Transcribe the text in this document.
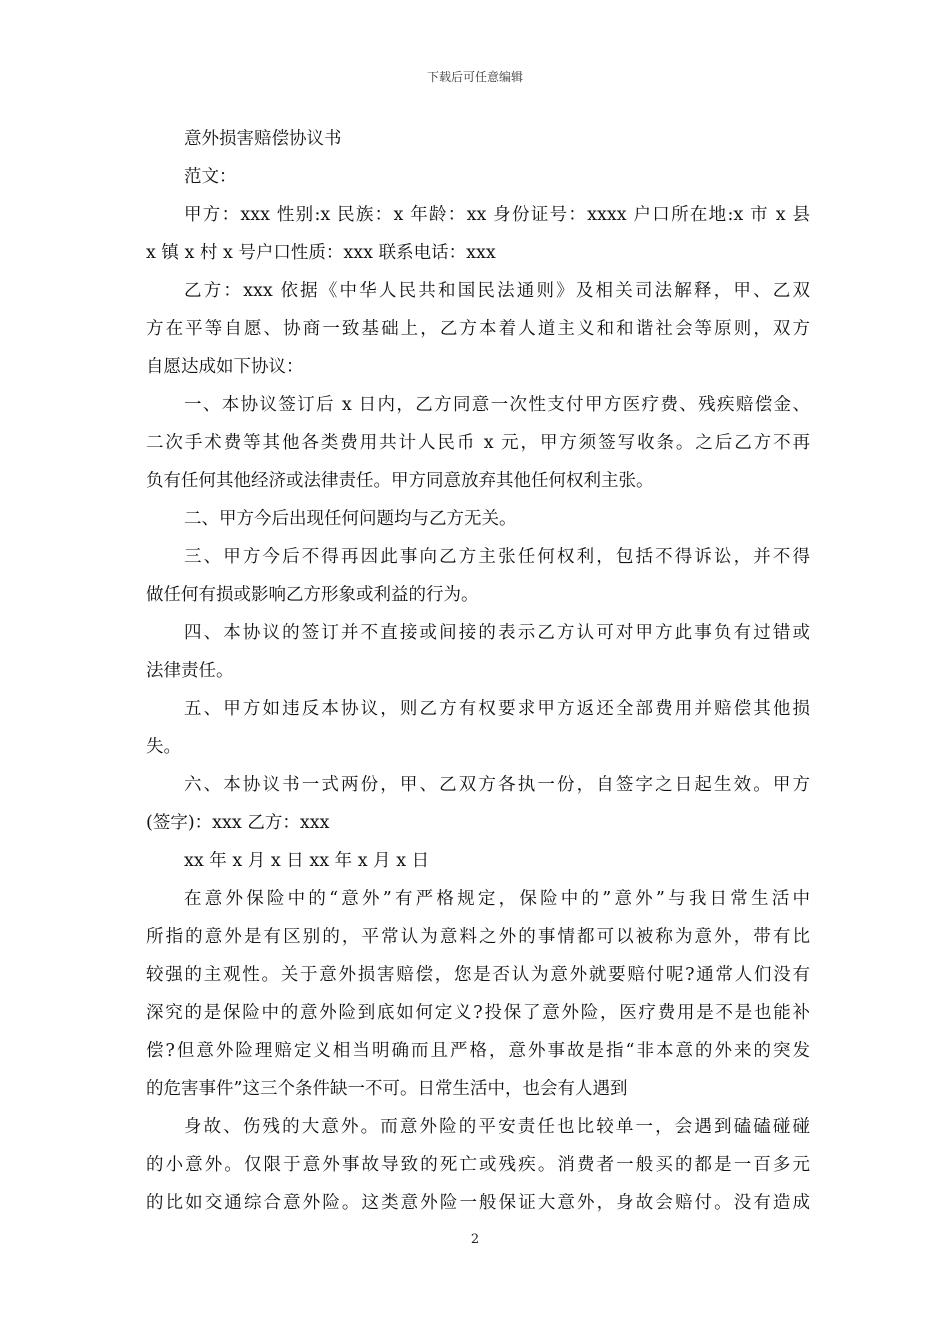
下载后可任意编辑
意外损害赔偿协议书
范文：
甲方：xxx 性别:x 民族：x 年龄：xx 身份证号：xxxx 户口所在地:x 市 x 县
x 镇 x 村 x 号户口性质：xxx 联系电话：xxx
乙方：xxx 依据《中华人民共和国民法通则》及相关司法解释，甲、乙双
方在平等自愿、协商一致基础上，乙方本着人道主义和和谐社会等原则，双方
自愿达成如下协议：
一、本协议签订后 x 日内，乙方同意一次性支付甲方医疗费、残疾赔偿金、
二次手术费等其他各类费用共计人民币 x 元，甲方须签写收条。之后乙方不再
负有任何其他经济或法律责任。甲方同意放弃其他任何权利主张。
二、甲方今后出现任何问题均与乙方无关。
三、甲方今后不得再因此事向乙方主张任何权利，包括不得诉讼，并不得
做任何有损或影响乙方形象或利益的行为。
四、本协议的签订并不直接或间接的表示乙方认可对甲方此事负有过错或
法律责任。
五、甲方如违反本协议，则乙方有权要求甲方返还全部费用并赔偿其他损
失。
六、本协议书一式两份，甲、乙双方各执一份，自签字之日起生效。甲方
(签字)：xxx 乙方：xxx
xx 年 x 月 x 日 xx 年 x 月 x 日
在意外保险中的“意外”有严格规定，保险中的”意外”与我日常生活中
所指的意外是有区别的，平常认为意料之外的事情都可以被称为意外，带有比
较强的主观性。关于意外损害赔偿，您是否认为意外就要赔付呢?通常人们没有
深究的是保险中的意外险到底如何定义?投保了意外险，医疗费用是不是也能补
偿?但意外险理赔定义相当明确而且严格，意外事故是指“非本意的外来的突发
的危害事件”这三个条件缺一不可。日常生活中，也会有人遇到
身故、伤残的大意外。而意外险的平安责任也比较单一，会遇到磕磕碰碰
的小意外。仅限于意外事故导致的死亡或残疾。消费者一般买的都是一百多元
的比如交通综合意外险。这类意外险一般保证大意外，身故会赔付。没有造成
2
